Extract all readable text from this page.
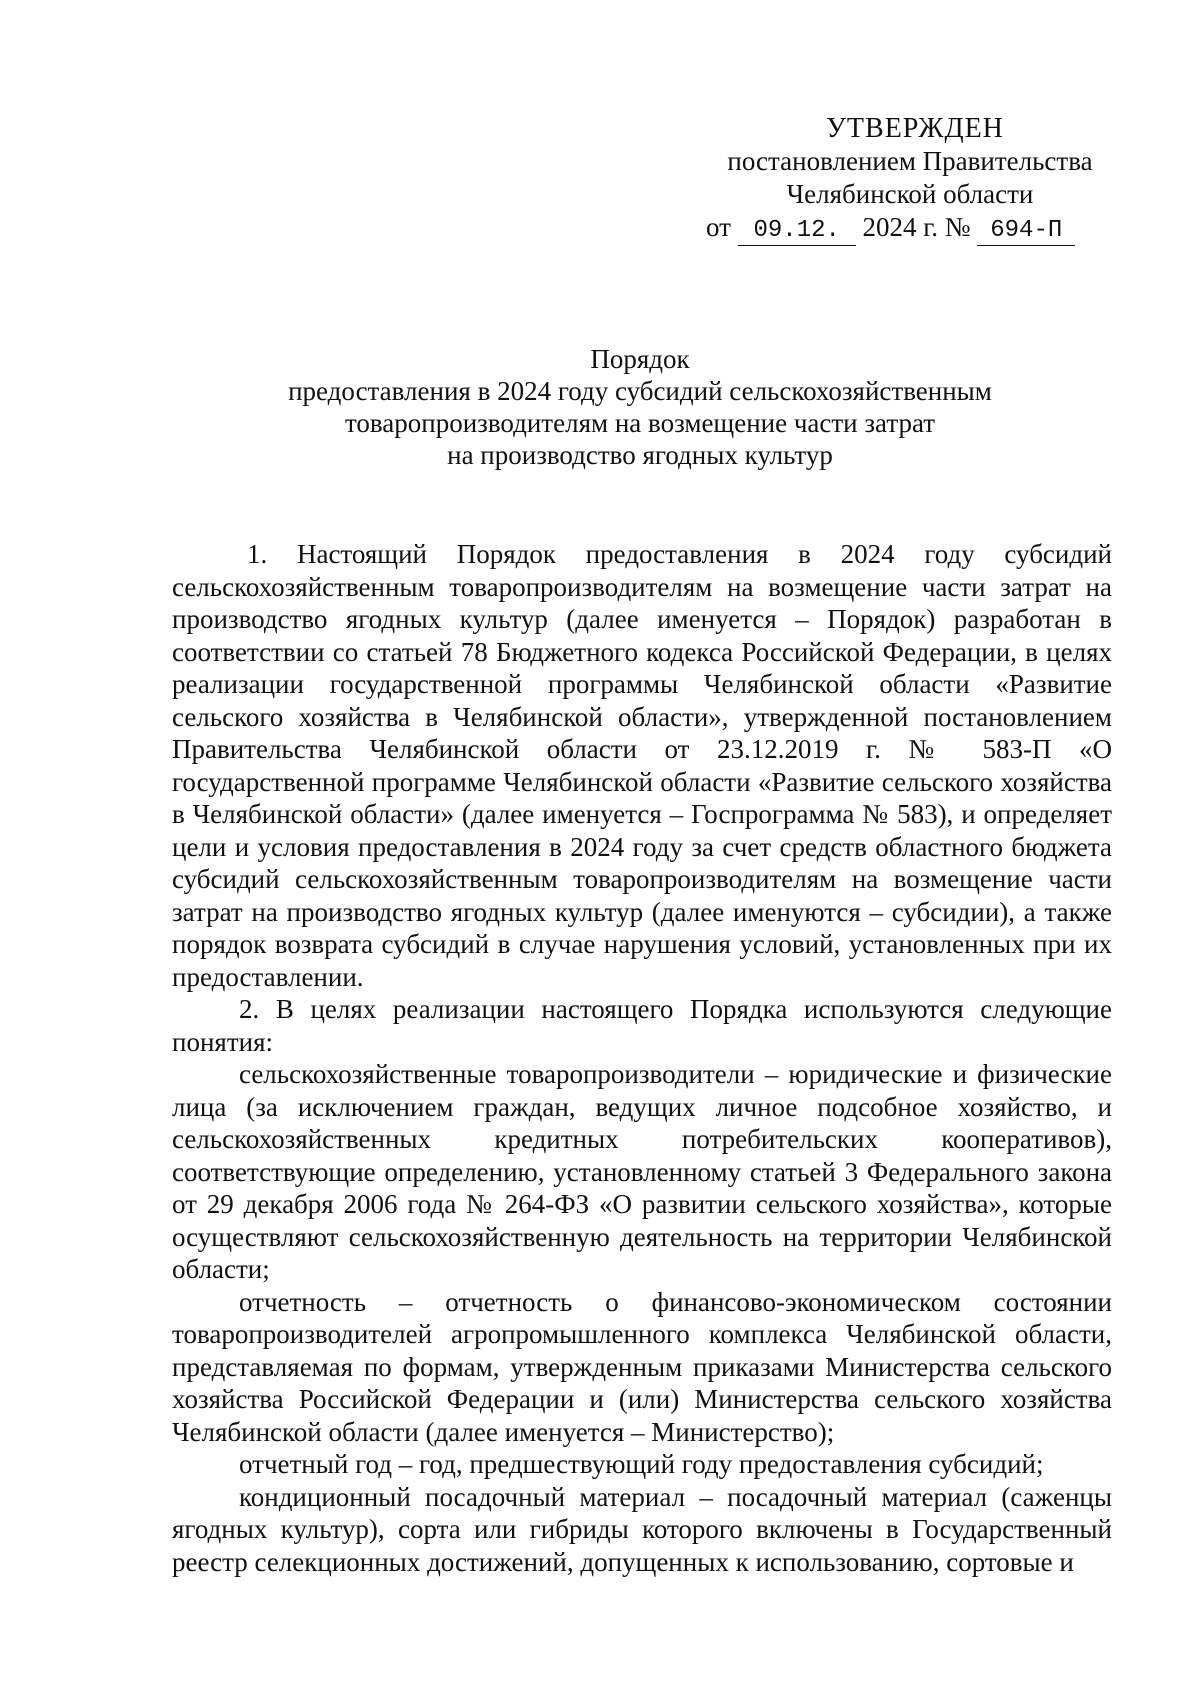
УТВЕРЖДЕН
постановлением Правительства
Челябинской области
от 09.12. 2024 г. № 694-П
Порядок
предоставления в 2024 году субсидий сельскохозяйственным
товаропроизводителям на возмещение части затрат
на производство ягодных культур

1. Настоящий Порядок предоставления в 2024 году субсидий сельскохозяйственным товаропроизводителям на возмещение части затрат на производство ягодных культур (далее именуется – Порядок) разработан в соответствии со статьей 78 Бюджетного кодекса Российской Федерации, в целях реализации государственной программы Челябинской области «Развитие сельского хозяйства в Челябинской области», утвержденной постановлением Правительства Челябинской области от 23.12.2019 г. № 583-П «О государственной программе Челябинской области «Развитие сельского хозяйства в Челябинской области» (далее именуется – Госпрограмма № 583), и определяет цели и условия предоставления в 2024 году за счет средств областного бюджета субсидий сельскохозяйственным товаропроизводителям на возмещение части затрат на производство ягодных культур (далее именуются – субсидии), а также порядок возврата субсидий в случае нарушения условий, установленных при их предоставлении.

2. В целях реализации настоящего Порядка используются следующие понятия:

сельскохозяйственные товаропроизводители – юридические и физические лица (за исключением граждан, ведущих личное подсобное хозяйство, и сельскохозяйственных кредитных потребительских кооперативов), соответствующие определению, установленному статьей 3 Федерального закона от 29 декабря 2006 года № 264-ФЗ «О развитии сельского хозяйства», которые осуществляют сельскохозяйственную деятельность на территории Челябинской области;

отчетность – отчетность о финансово-экономическом состоянии товаропроизводителей агропромышленного комплекса Челябинской области, представляемая по формам, утвержденным приказами Министерства сельского хозяйства Российской Федерации и (или) Министерства сельского хозяйства Челябинской области (далее именуется – Министерство);

отчетный год – год, предшествующий году предоставления субсидий;

кондиционный посадочный материал – посадочный материал (саженцы ягодных культур), сорта или гибриды которого включены в Государственный реестр селекционных достижений, допущенных к использованию, сортовые и
